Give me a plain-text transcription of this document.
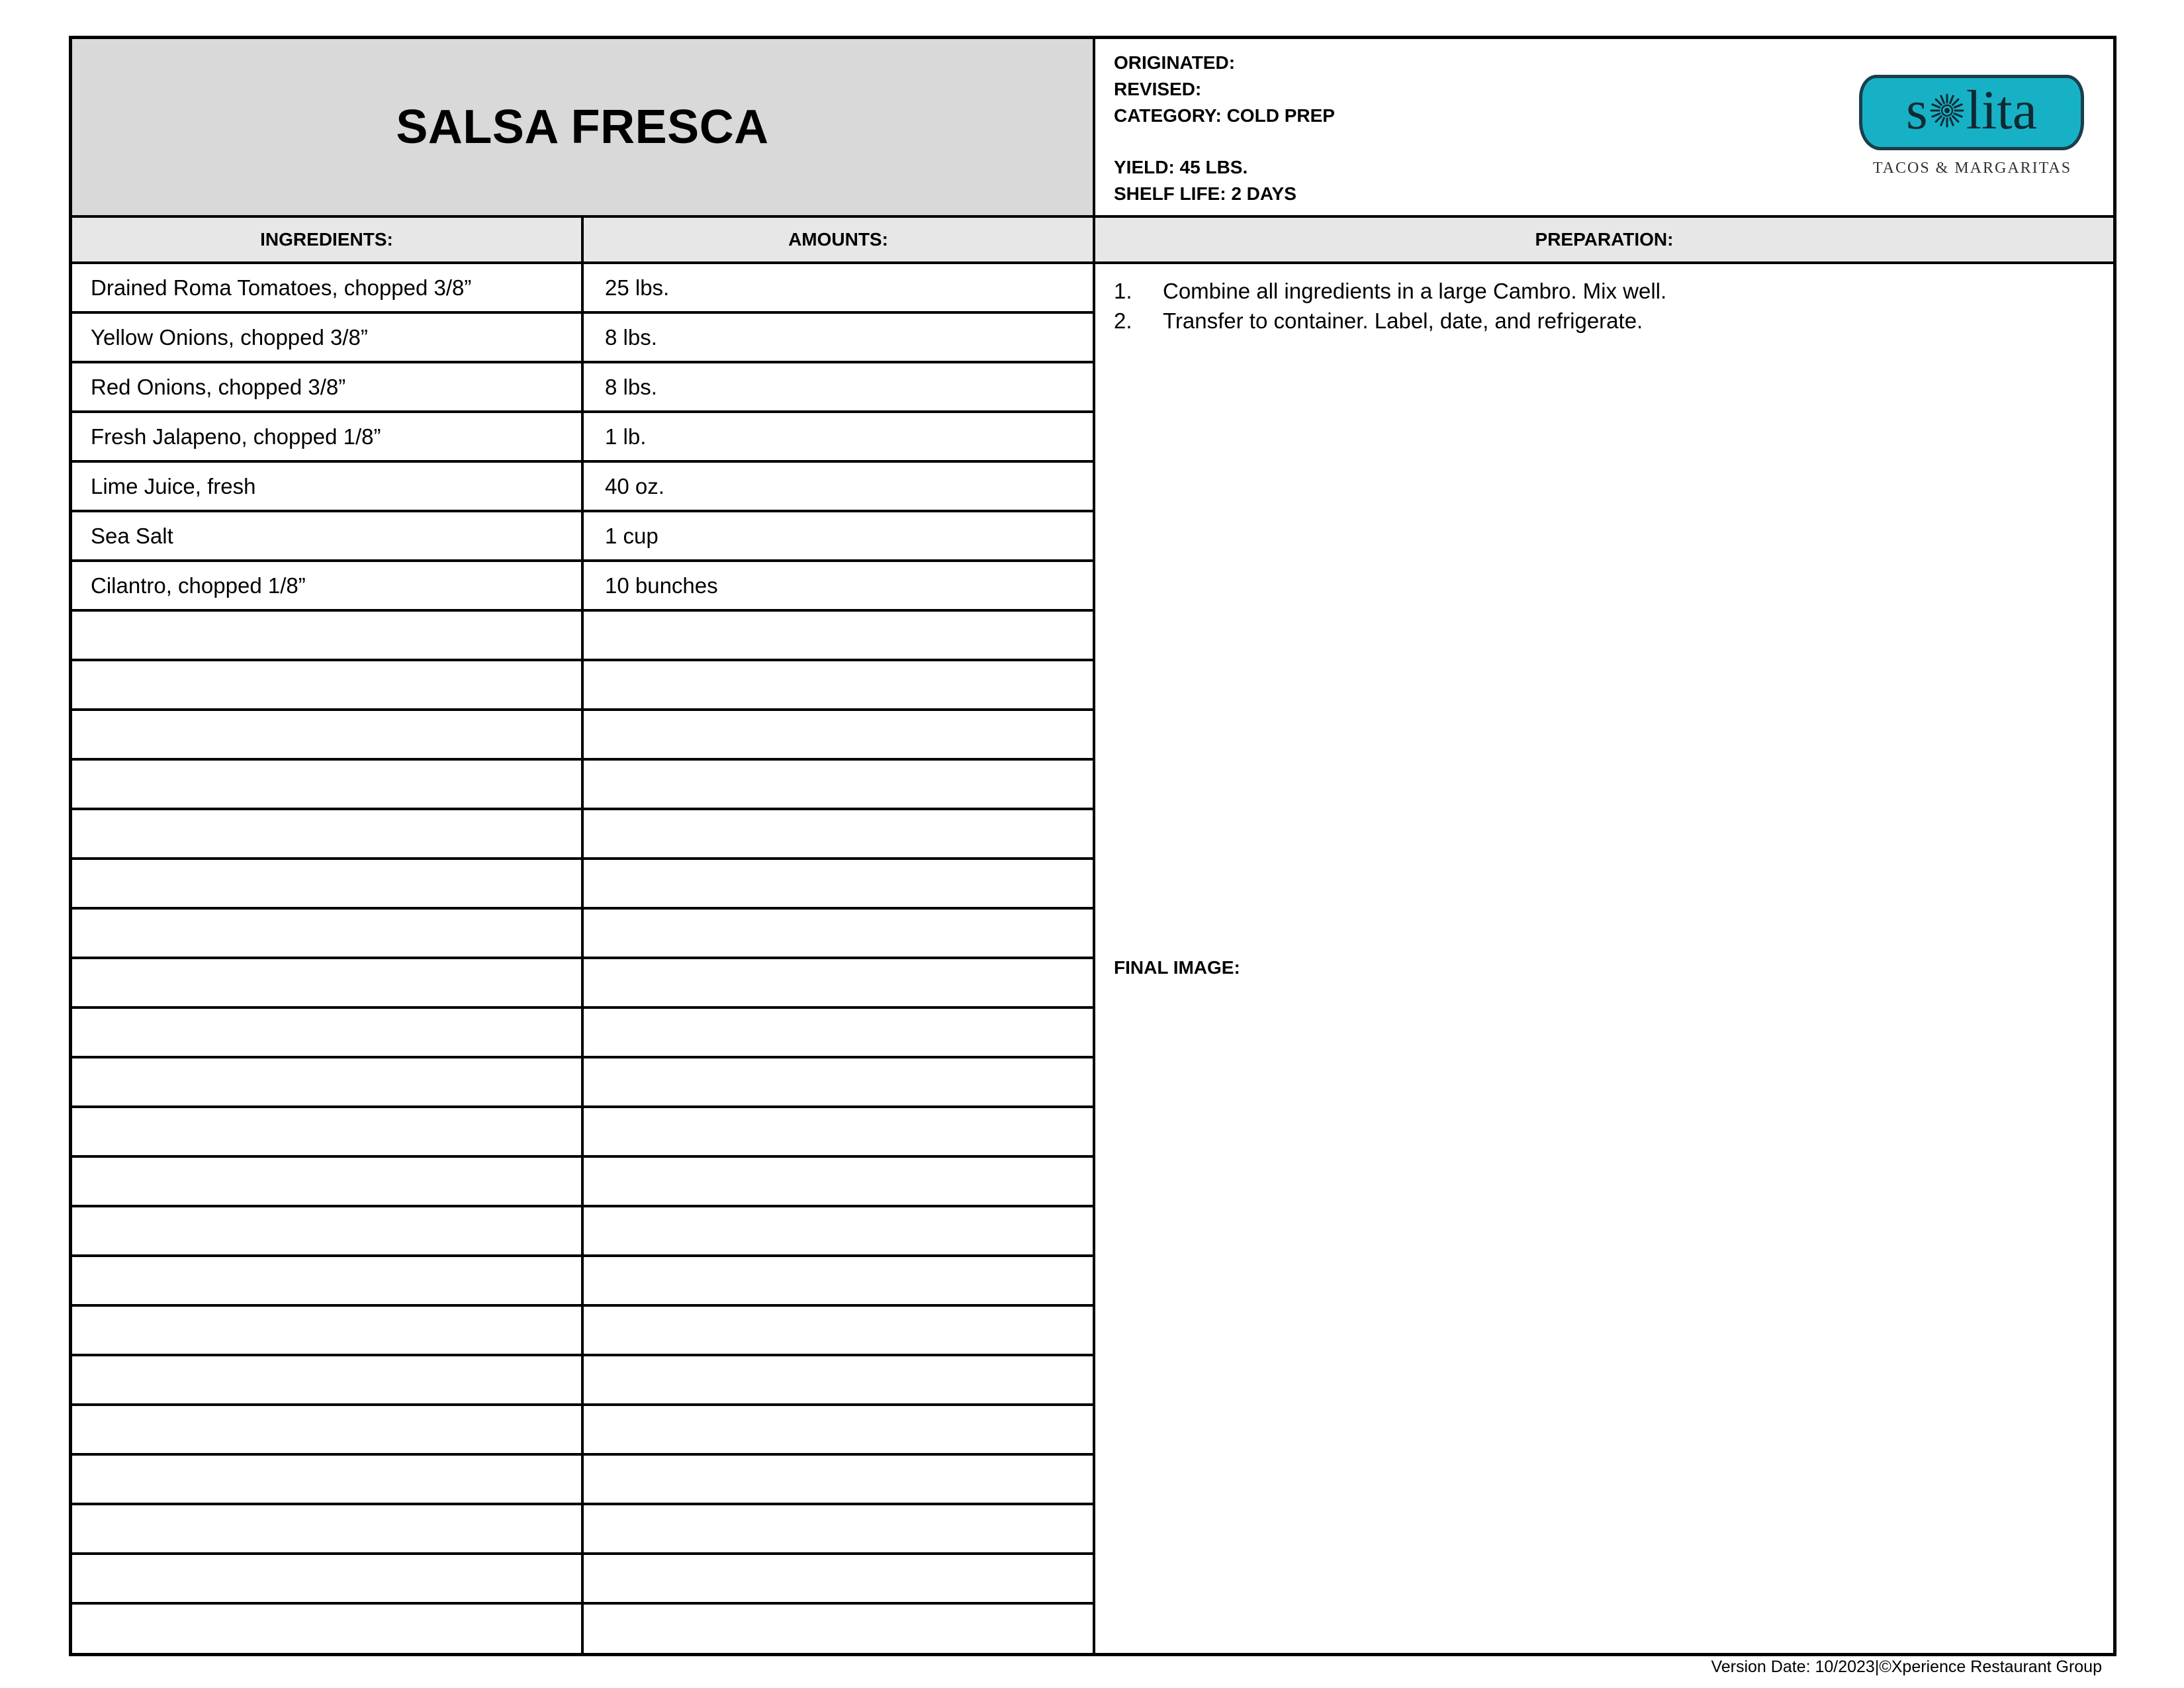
SALSA FRESCA
ORIGINATED:
REVISED:
CATEGORY: COLD PREP
YIELD: 45 LBS.
SHELF LIFE: 2 DAYS
s lita
TACOS & MARGARITAS
INGREDIENTS:	AMOUNTS:	PREPARATION:
Drained Roma Tomatoes, chopped 3/8”	25 lbs.
Yellow Onions, chopped 3/8”	8 lbs.
Red Onions, chopped 3/8”	8 lbs.
Fresh Jalapeno, chopped 1/8”	1 lb.
Lime Juice, fresh	40 oz.
Sea Salt	1 cup
Cilantro, chopped 1/8”	10 bunches
1.	Combine all ingredients in a large Cambro. Mix well.
2.	Transfer to container. Label, date, and refrigerate.
FINAL IMAGE:
Version Date: 10/2023|©Xperience Restaurant Group
